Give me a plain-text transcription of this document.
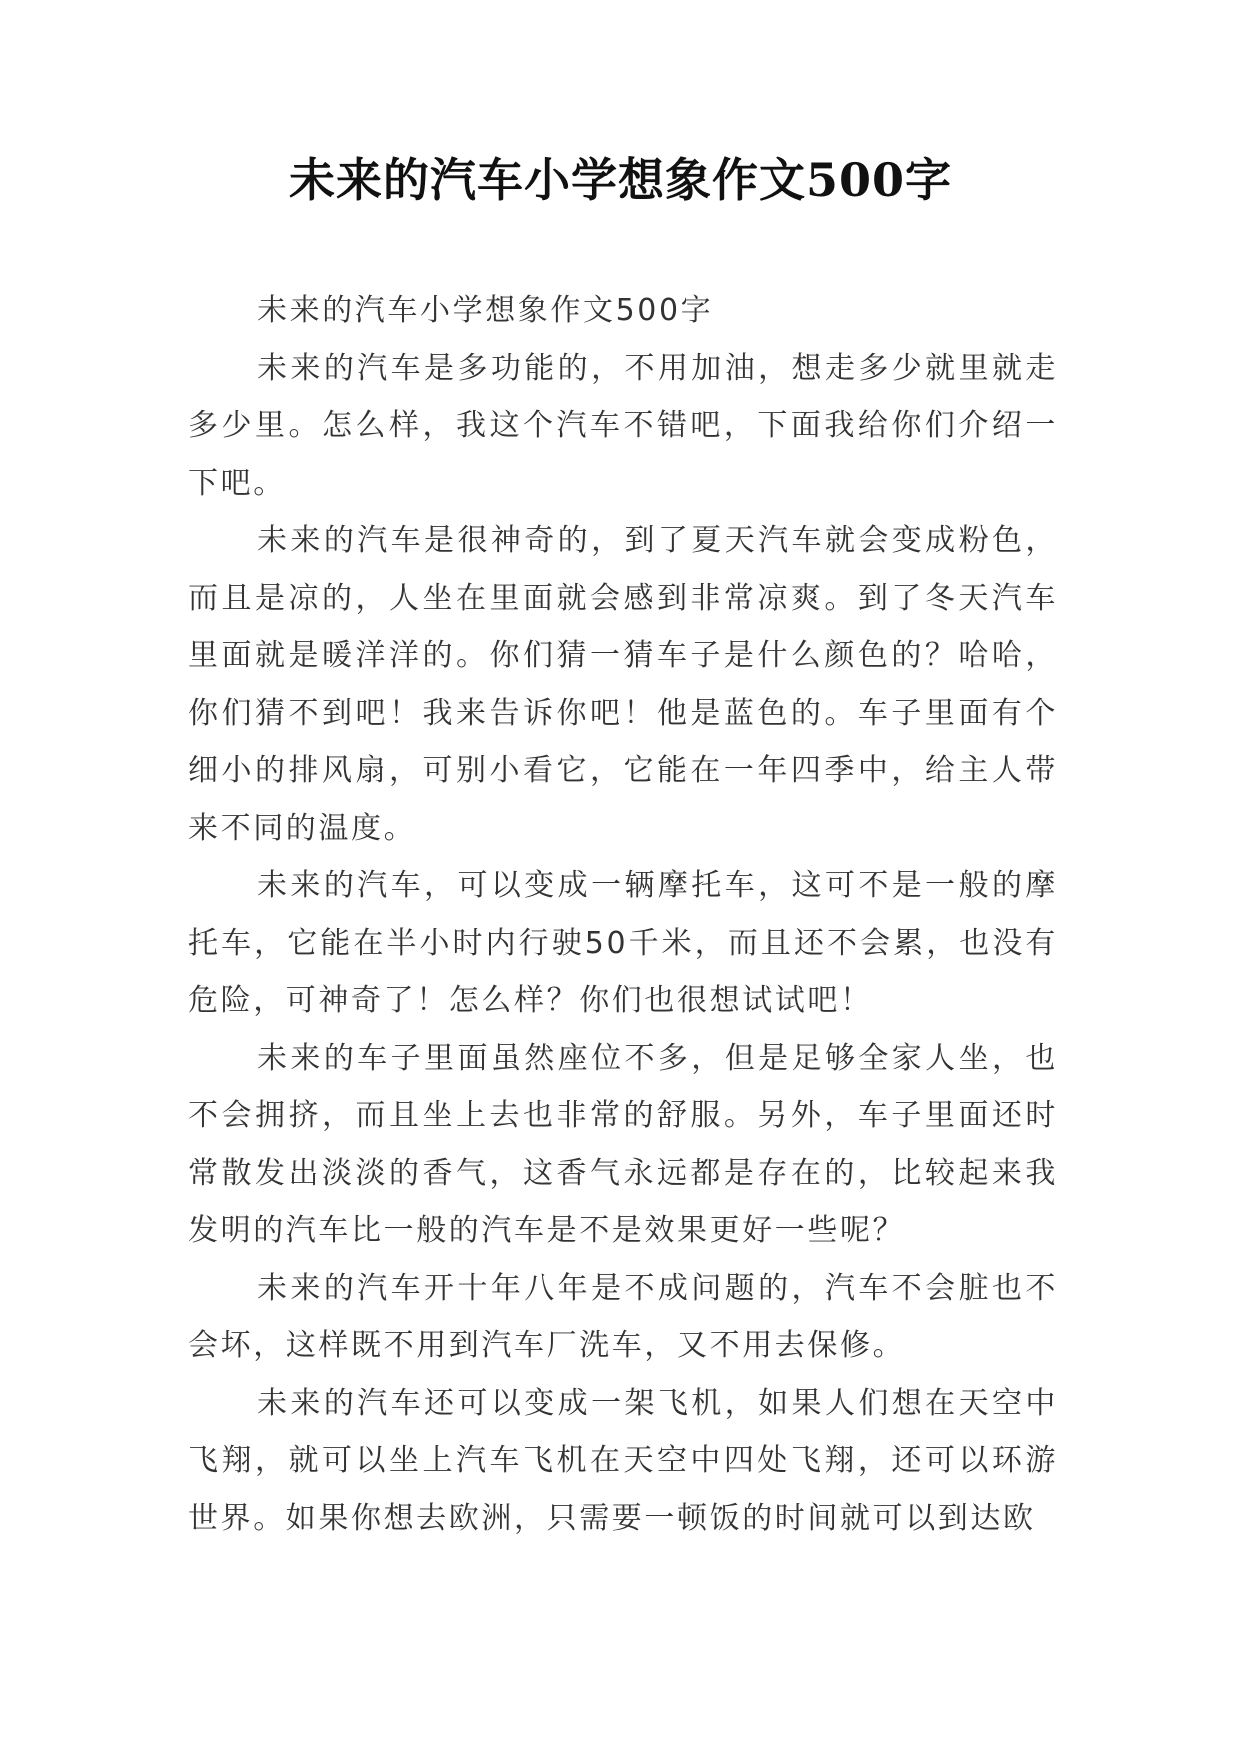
未来的汽车小学想象作文500字

未来的汽车小学想象作文500字

未来的汽车是多功能的，不用加油，想走多少就里就走多少里。怎么样，我这个汽车不错吧，下面我给你们介绍一下吧。

未来的汽车是很神奇的，到了夏天汽车就会变成粉色，而且是凉的，人坐在里面就会感到非常凉爽。到了冬天汽车里面就是暖洋洋的。你们猜一猜车子是什么颜色的？哈哈，你们猜不到吧！我来告诉你吧！他是蓝色的。车子里面有个细小的排风扇，可别小看它，它能在一年四季中，给主人带来不同的温度。

未来的汽车，可以变成一辆摩托车，这可不是一般的摩托车，它能在半小时内行驶50千米，而且还不会累，也没有危险，可神奇了！怎么样？你们也很想试试吧！

未来的车子里面虽然座位不多，但是足够全家人坐，也不会拥挤，而且坐上去也非常的舒服。另外，车子里面还时常散发出淡淡的香气，这香气永远都是存在的，比较起来我发明的汽车比一般的汽车是不是效果更好一些呢？

未来的汽车开十年八年是不成问题的，汽车不会脏也不会坏，这样既不用到汽车厂洗车，又不用去保修。

未来的汽车还可以变成一架飞机，如果人们想在天空中飞翔，就可以坐上汽车飞机在天空中四处飞翔，还可以环游世界。如果你想去欧洲，只需要一顿饭的时间就可以到达欧
